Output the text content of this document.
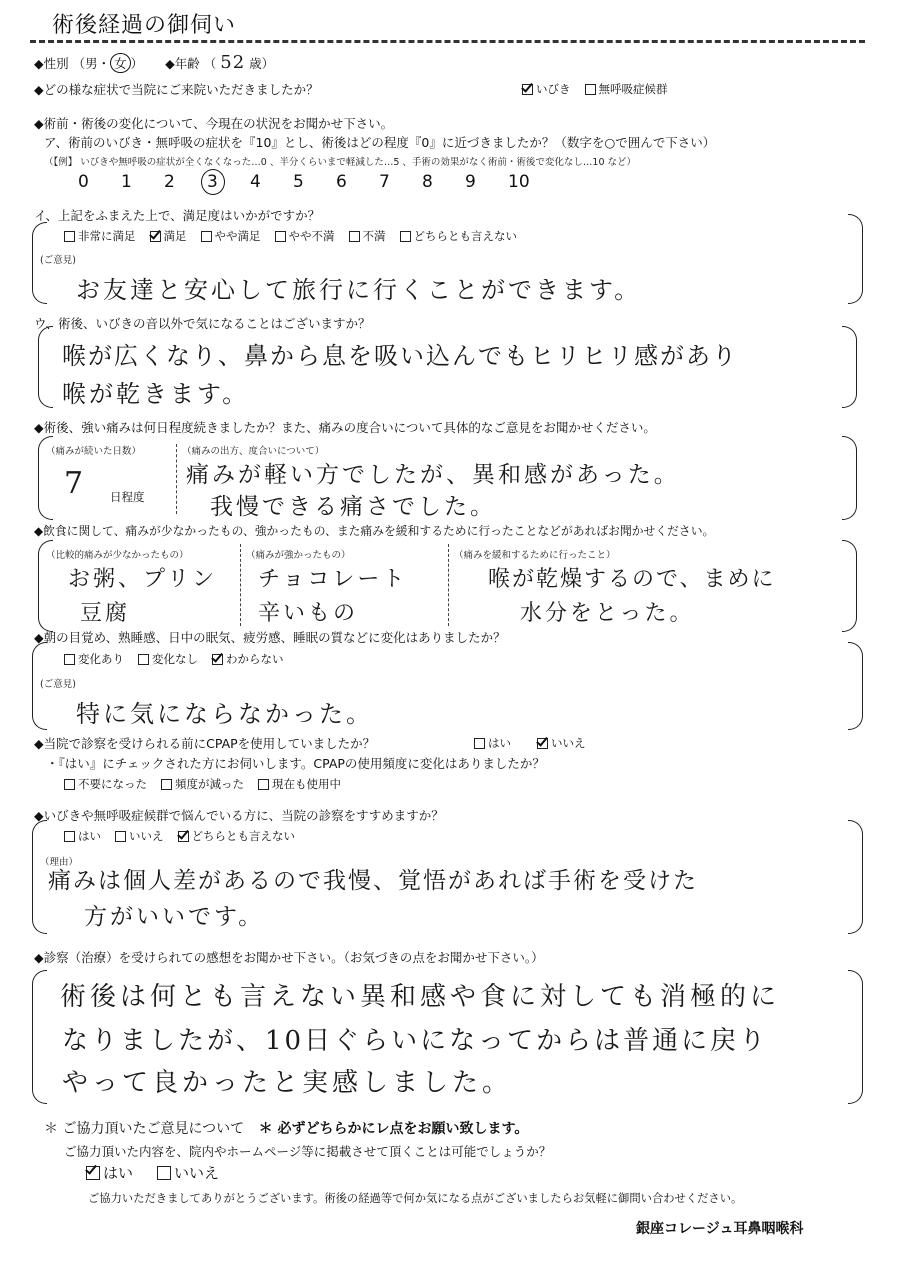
術後経過の御伺い
◆性別 （男・ 女 ） ◆年齢 （ 52 歳）
◆どの様な症状で当院にご来院いただきましたか？	いびき 無呼吸症候群
◆術前・術後の変化について、今現在の状況をお聞かせ下さい。
ア、術前のいびき・無呼吸の症状を『10』とし、術後はどの程度『0』に近づきましたか？（数字を○で囲んで下さい）
（【例】 いびきや無呼吸の症状が全くなくなった…0 、半分くらいまで軽減した…5 、手術の効果がなく術前・術後で変化なし…10 など）
0	1	2	3	4	5	6	7	8	9	10
イ、上記をふまえた上で、満足度はいかがですか？
非常に満足 満足 やや満足 やや不満 不満 どちらとも言えない
(ご意見)
お友達と安心して旅行に行くことができます。
ウ、術後、いびきの音以外で気になることはございますか？
喉が広くなり、鼻から息を吸い込んでもヒリヒリ感があり
喉が乾きます。
◆術後、強い痛みは何日程度続きましたか？また、痛みの度合いについて具体的なご意見をお聞かせください。
（痛みが続いた日数）
7 日程度
（痛みの出方、度合いについて）
痛みが軽い方でしたが、異和感があった。
我慢できる痛さでした。
◆飲食に関して、痛みが少なかったもの、強かったもの、また痛みを緩和するために行ったことなどがあればお聞かせください。
（比較的痛みが少なかったもの）
お粥、プリン
豆腐
（痛みが強かったもの）
チョコレート
辛いもの
（痛みを緩和するために行ったこと）
喉が乾燥するので、まめに
水分をとった。
◆朝の目覚め、熟睡感、日中の眠気、疲労感、睡眠の質などに変化はありましたか？
変化あり 変化なし わからない
(ご意見)
特に気にならなかった。
◆当院で診察を受けられる前にCPAPを使用していましたか？	はい	いいえ
・『はい』にチェックされた方にお伺いします。CPAPの使用頻度に変化はありましたか？
不要になった 頻度が減った 現在も使用中
◆いびきや無呼吸症候群で悩んでいる方に、当院の診察をすすめますか？
はい いいえ どちらとも言えない
（理由）
痛みは個人差があるので我慢、覚悟があれば手術を受けた
方がいいです。
◆診察（治療）を受けられての感想をお聞かせ下さい。（お気づきの点をお聞かせ下さい。）
術後は何とも言えない異和感や食に対しても消極的に
なりましたが、10日ぐらいになってからは普通に戻り
やって良かったと実感しました。
＊ ご協力頂いたご意見について ＊ 必ずどちらかにレ点をお願い致します。
ご協力頂いた内容を、院内やホームページ等に掲載させて頂くことは可能でしょうか？
はい	いいえ
ご協力いただきましてありがとうございます。術後の経過等で何か気になる点がございましたらお気軽に御問い合わせください。
銀座コレージュ耳鼻咽喉科
